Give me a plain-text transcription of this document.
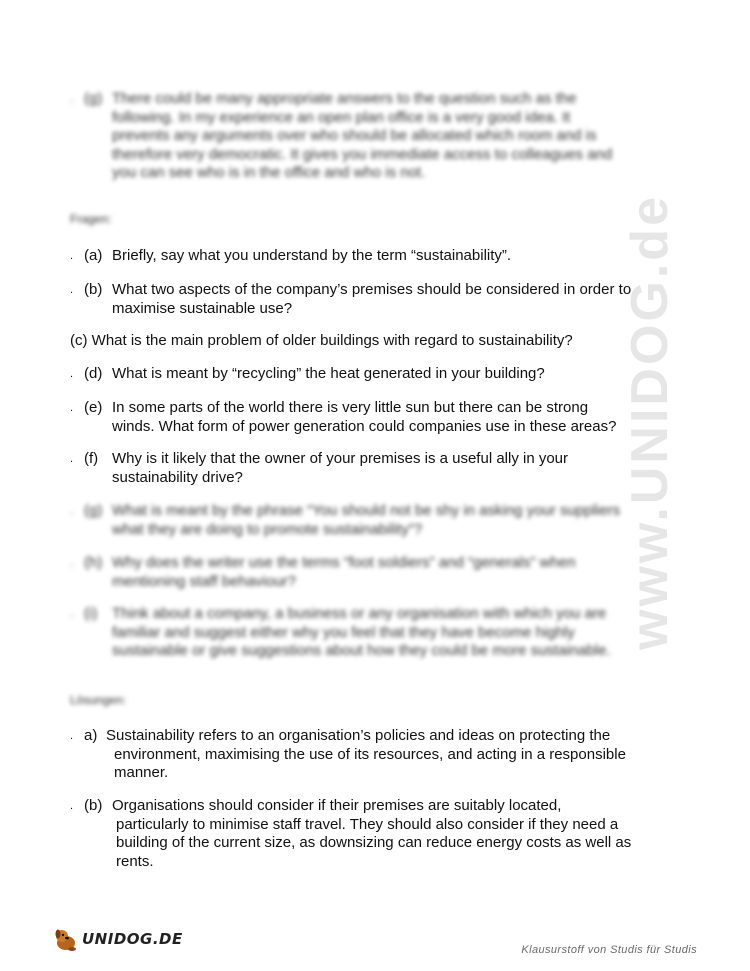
www.UNIDOG.de
. (g) There could be many appropriate answers to the question such as the
following. In my experience an open plan office is a very good idea. It
prevents any arguments over who should be allocated which room and is
therefore very democratic. It gives you immediate access to colleagues and
you can see who is in the office and who is not.
Fragen:
. (a) Briefly, say what you understand by the term “sustainability”.
. (b) What two aspects of the company’s premises should be considered in order to
maximise sustainable use?
(c) What is the main problem of older buildings with regard to sustainability?
. (d) What is meant by “recycling” the heat generated in your building?
. (e) In some parts of the world there is very little sun but there can be strong
winds. What form of power generation could companies use in these areas?
. (f) Why is it likely that the owner of your premises is a useful ally in your
sustainability drive?
. (g) What is meant by the phrase “You should not be shy in asking your suppliers
what they are doing to promote sustainability”?
. (h) Why does the writer use the terms “foot soldiers” and “generals” when
mentioning staff behaviour?
. (i) Think about a company, a business or any organisation with which you are
familiar and suggest either why you feel that they have become highly
sustainable or give suggestions about how they could be more sustainable.
Lösungen:
. a) Sustainability refers to an organisation’s policies and ideas on protecting the
environment, maximising the use of its resources, and acting in a responsible
manner.
. (b) Organisations should consider if their premises are suitably located,
particularly to minimise staff travel. They should also consider if they need a
building of the current size, as downsizing can reduce energy costs as well as
rents.
UNIDOG.DE
Klausurstoff von Studis für Studis
